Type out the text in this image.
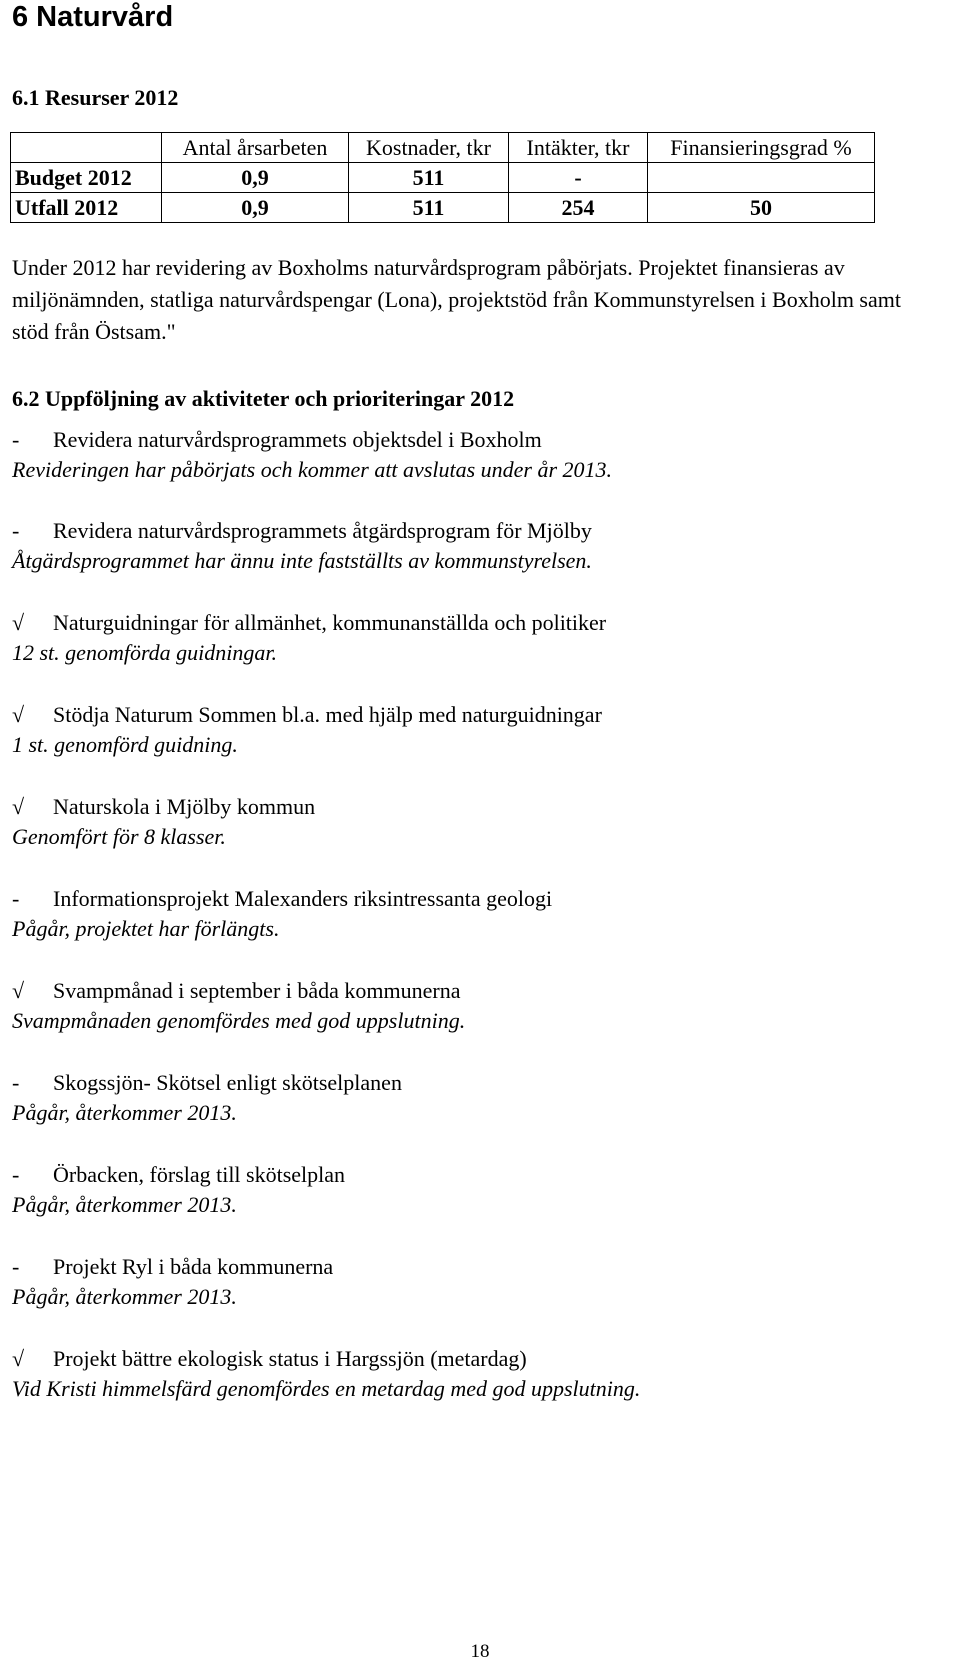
6 Naturvård
6.1 Resurser 2012
	Antal årsarbeten	Kostnader, tkr	Intäkter, tkr	Finansieringsgrad %
Budget 2012	0,9	511	-	
Utfall 2012	0,9	511	254	50

Under 2012 har revidering av Boxholms naturvårdsprogram påbörjats. Projektet finansieras av miljönämnden, statliga naturvårdspengar (Lona), projektstöd från Kommunstyrelsen i Boxholm samt stöd från Östsam."

6.2 Uppföljning av aktiviteter och prioriteringar 2012
- Revidera naturvårdsprogrammets objektsdel i Boxholm
Revideringen har påbörjats och kommer att avslutas under år 2013.
- Revidera naturvårdsprogrammets åtgärdsprogram för Mjölby
Åtgärdsprogrammet har ännu inte fastställts av kommunstyrelsen.
√ Naturguidningar för allmänhet, kommunanställda och politiker
12 st. genomförda guidningar.
√ Stödja Naturum Sommen bl.a. med hjälp med naturguidningar
1 st. genomförd guidning.
√ Naturskola i Mjölby kommun
Genomfört för 8 klasser.
- Informationsprojekt Malexanders riksintressanta geologi
Pågår, projektet har förlängts.
√ Svampmånad i september i båda kommunerna
Svampmånaden genomfördes med god uppslutning.
- Skogssjön- Skötsel enligt skötselplanen
Pågår, återkommer 2013.
- Örbacken, förslag till skötselplan
Pågår, återkommer 2013.
- Projekt Ryl i båda kommunerna
Pågår, återkommer 2013.
√ Projekt bättre ekologisk status i Hargssjön (metardag)
Vid Kristi himmelsfärd genomfördes en metardag med god uppslutning.
18
